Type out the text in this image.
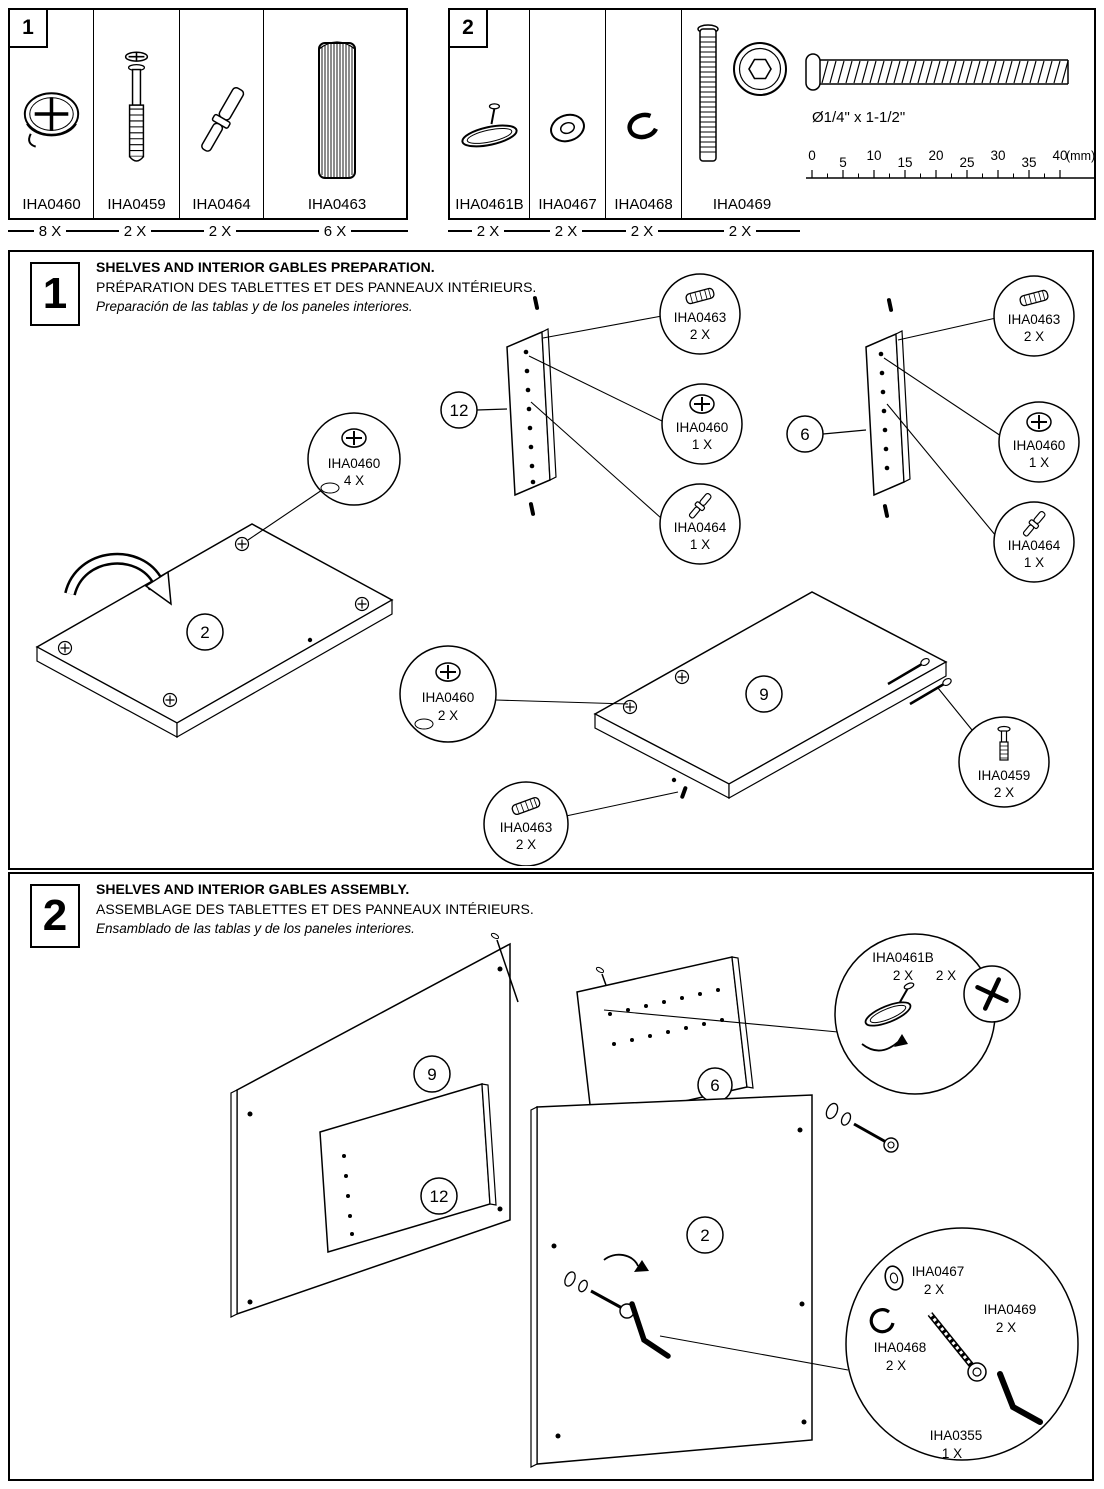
1
IHA0460	IHA0459	IHA0464	IHA0463
8 X	2 X	2 X	6 X
2
IHA0461B IHA0467	IHA0468	IHA0469
Ø1/4" x 1-1/2"
0 5 10 15 20 25 30 35 40
(mm)
2 X	2 X	2 X	2 X
1
SHELVES AND INTERIOR GABLES PREPARATION.
PRÉPARATION DES TABLETTES ET DES PANNEAUX INTÉRIEURS.
Preparación de las tablas y de los paneles interiores.
12
6
2
9
IHA0463
2 X
IHA0460
1 X
IHA0464
1 X
IHA0463
2 X
IHA0460
1 X
IHA0464
1 X
IHA0460
4 X
IHA0460
2 X
IHA0459
2 X
IHA0463
2 X
2
SHELVES AND INTERIOR GABLES ASSEMBLY.
ASSEMBLAGE DES TABLETTES ET DES PANNEAUX INTÉRIEURS.
Ensamblado de las tablas y de los paneles interiores.
9
6
12
2
IHA0461B
2 X 2 X
IHA0467
2 X
IHA0468
2 X
IHA0469
2 X
IHA0355
1 X
